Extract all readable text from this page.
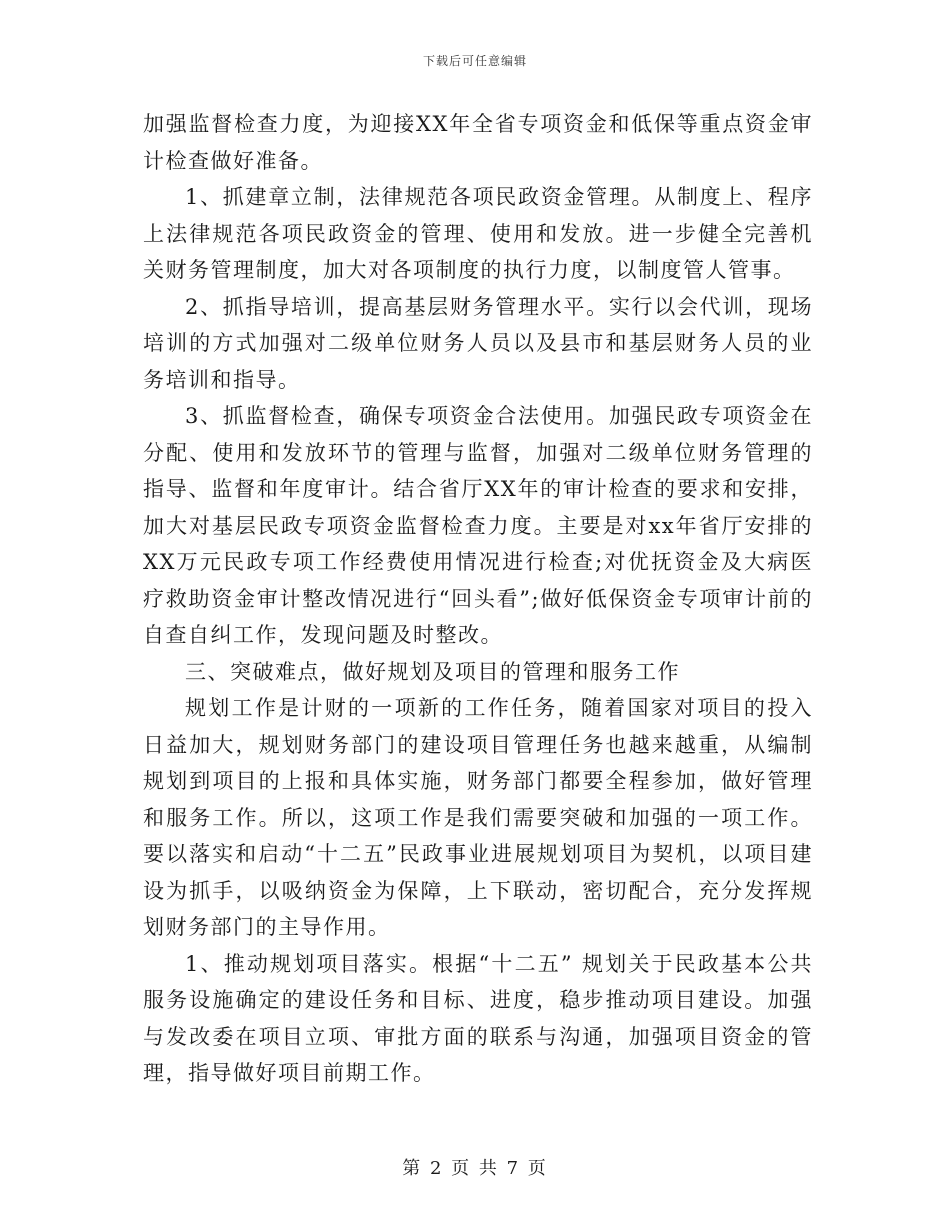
下载后可任意编辑

加强监督检查力度，为迎接XX年全省专项资金和低保等重点资金审计检查做好准备。

1、抓建章立制，法律规范各项民政资金管理。从制度上、程序上法律规范各项民政资金的管理、使用和发放。进一步健全完善机关财务管理制度，加大对各项制度的执行力度，以制度管人管事。

2、抓指导培训，提高基层财务管理水平。实行以会代训，现场培训的方式加强对二级单位财务人员以及县市和基层财务人员的业务培训和指导。

3、抓监督检查，确保专项资金合法使用。加强民政专项资金在分配、使用和发放环节的管理与监督，加强对二级单位财务管理的指导、监督和年度审计。结合省厅XX年的审计检查的要求和安排，加大对基层民政专项资金监督检查力度。主要是对xx年省厅安排的XX万元民政专项工作经费使用情况进行检查;对优抚资金及大病医疗救助资金审计整改情况进行“回头看”;做好低保资金专项审计前的自查自纠工作，发现问题及时整改。

三、突破难点，做好规划及项目的管理和服务工作

规划工作是计财的一项新的工作任务，随着国家对项目的投入日益加大，规划财务部门的建设项目管理任务也越来越重，从编制规划到项目的上报和具体实施，财务部门都要全程参加，做好管理和服务工作。所以，这项工作是我们需要突破和加强的一项工作。要以落实和启动“十二五”民政事业进展规划项目为契机，以项目建设为抓手，以吸纳资金为保障，上下联动，密切配合，充分发挥规划财务部门的主导作用。

1、推动规划项目落实。根据“十二五” 规划关于民政基本公共服务设施确定的建设任务和目标、进度，稳步推动项目建设。加强与发改委在项目立项、审批方面的联系与沟通，加强项目资金的管理，指导做好项目前期工作。

第 2 页 共 7 页
